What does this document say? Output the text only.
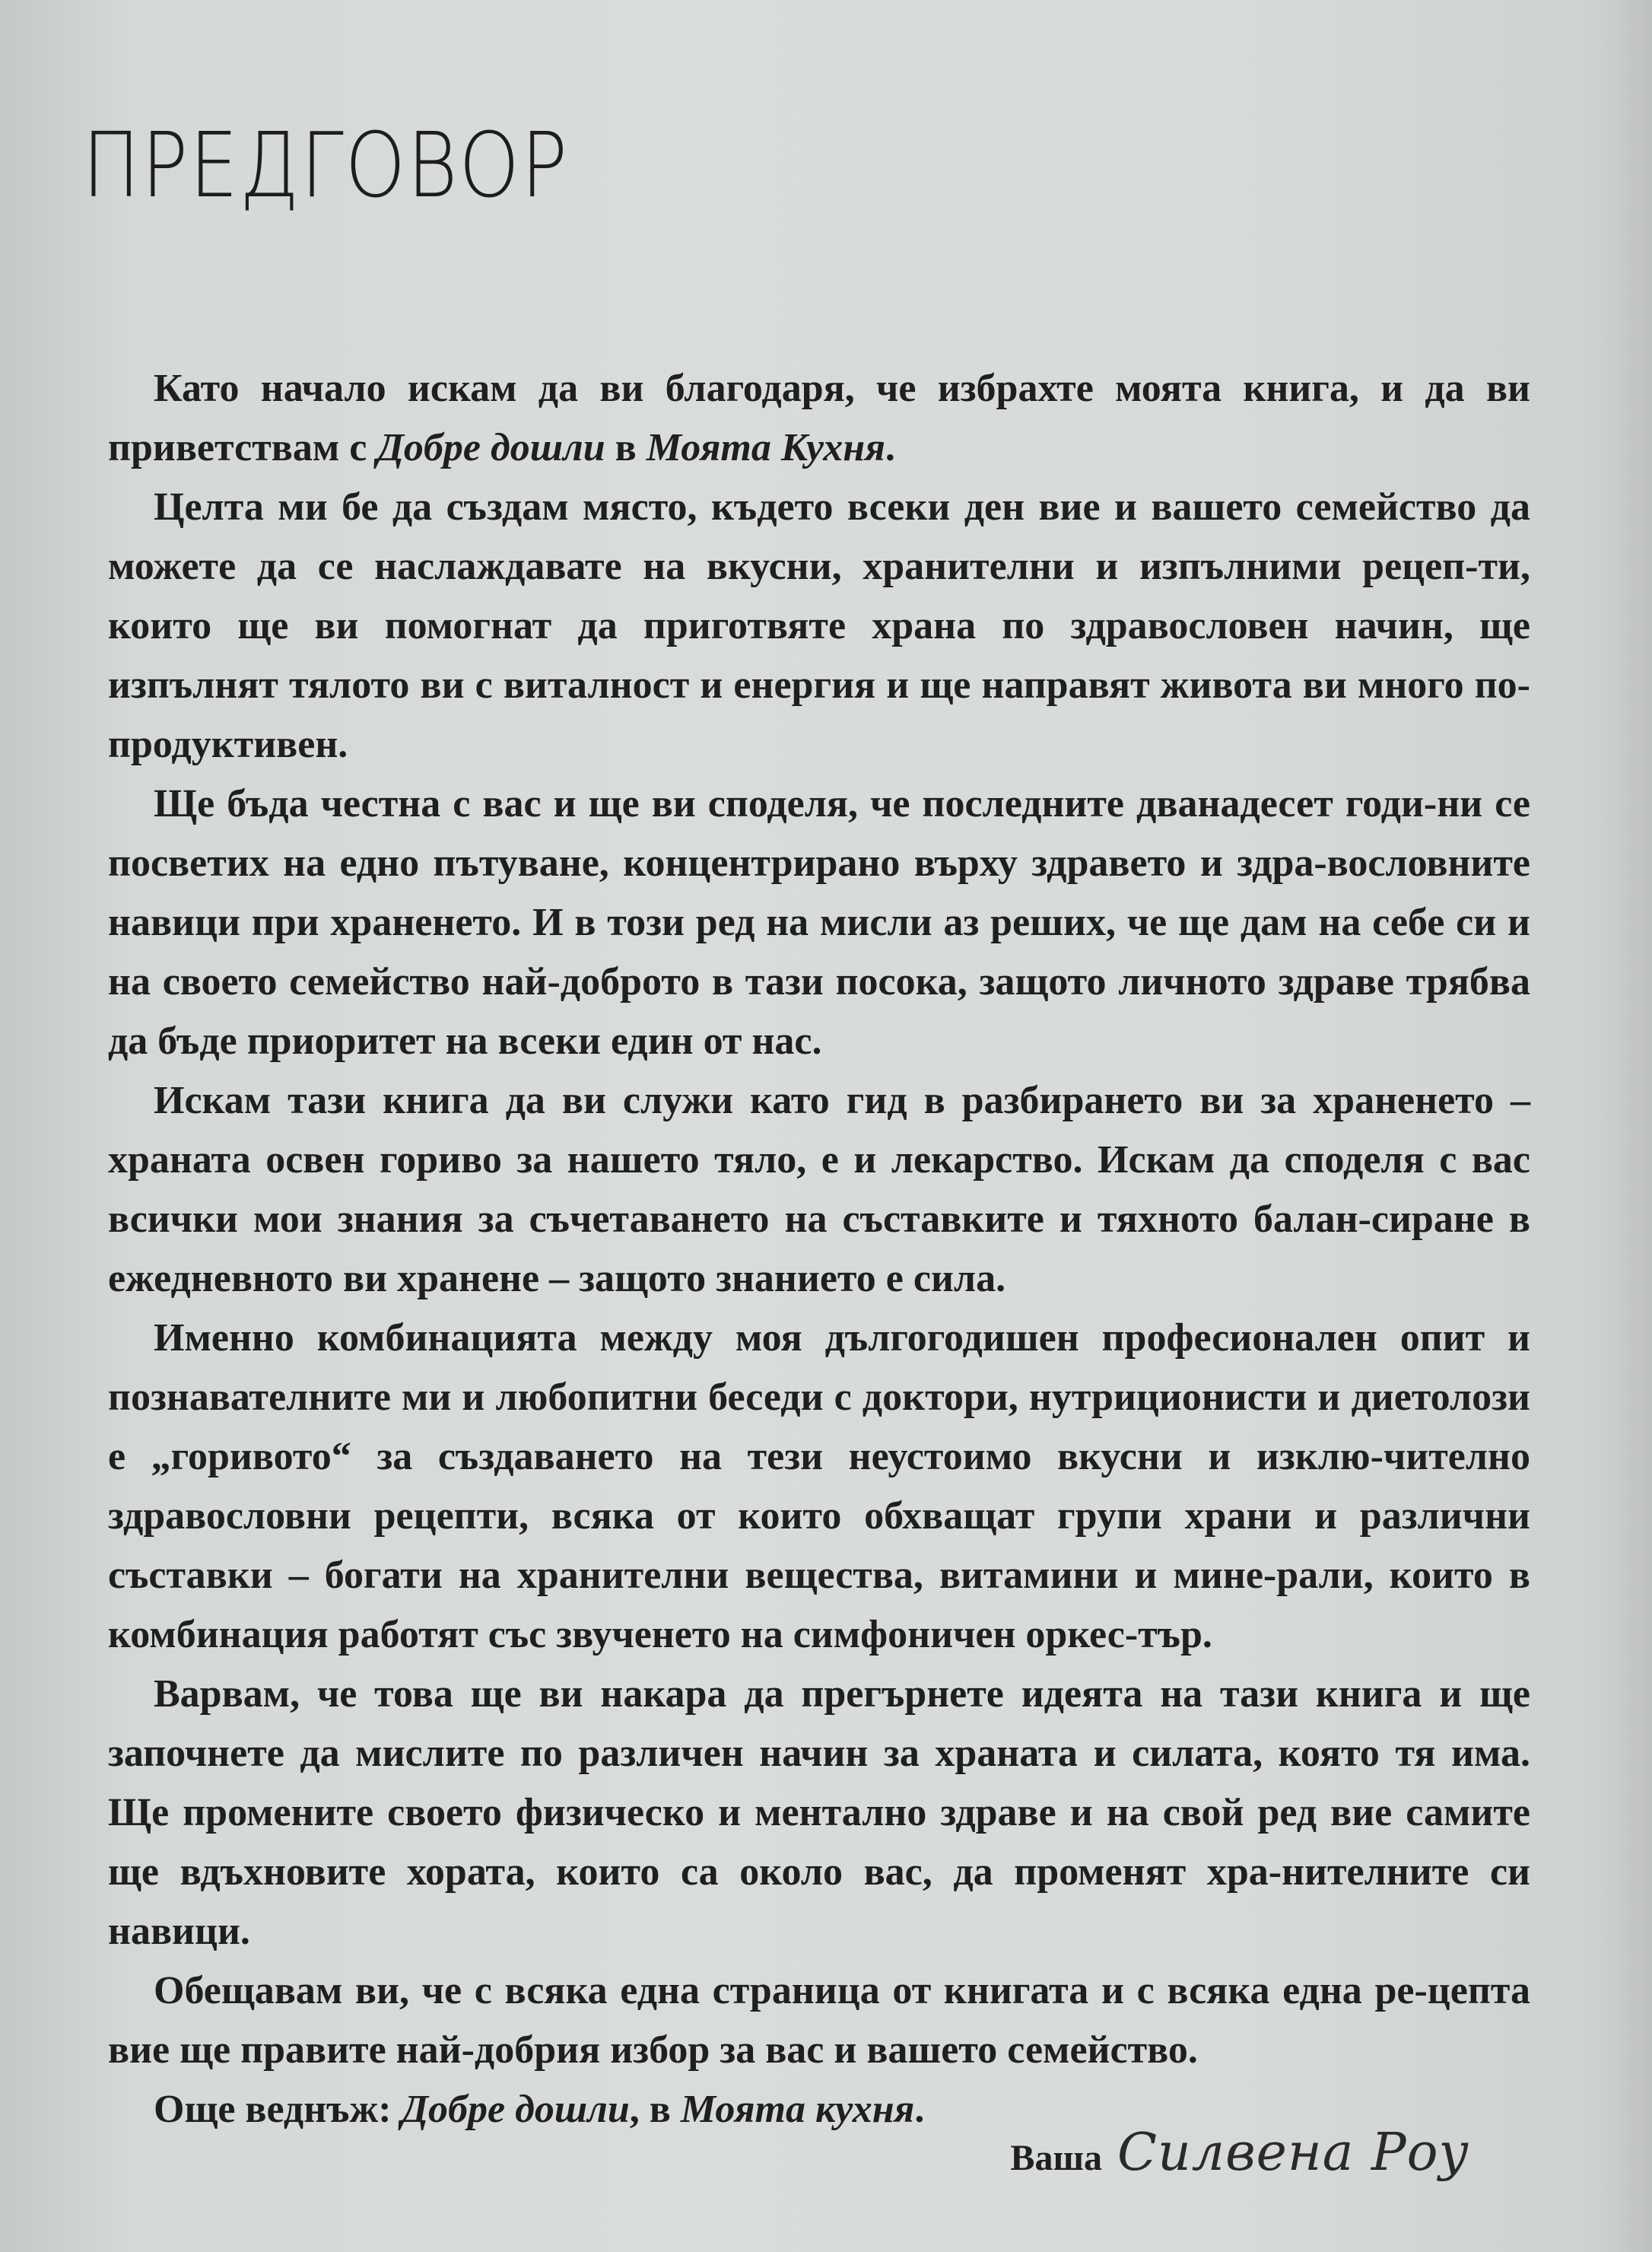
ПРЕДГОВОР

Като начало искам да ви благодаря, че избрахте моята книга, и да ви приветствам с Добре дошли в Моята Кухня.

Целта ми бе да създам място, където всеки ден вие и вашето семейство да можете да се наслаждавате на вкусни, хранителни и изпълними рецеп-ти, които ще ви помогнат да приготвяте храна по здравословен начин, ще изпълнят тялото ви с виталност и енергия и ще направят живота ви много по-продуктивен.

Ще бъда честна с вас и ще ви споделя, че последните дванадесет годи-ни се посветих на едно пътуване, концентрирано върху здравето и здра-вословните навици при храненето. И в този ред на мисли аз реших, че ще дам на себе си и на своето семейство най-доброто в тази посока, защото личното здраве трябва да бъде приоритет на всеки един от нас.

Искам тази книга да ви служи като гид в разбирането ви за храненето – храната освен гориво за нашето тяло, е и лекарство. Искам да споделя с вас всички мои знания за съчетаването на съставките и тяхното балан-сиране в ежедневното ви хранене – защото знанието е сила.

Именно комбинацията между моя дългогодишен професионален опит и познавателните ми и любопитни беседи с доктори, нутриционисти и диетолози е „горивото“ за създаването на тези неустоимо вкусни и изклю-чително здравословни рецепти, всяка от които обхващат групи храни и различни съставки – богати на хранителни вещества, витамини и мине-рали, които в комбинация работят със звученето на симфоничен оркес-тър.

Варвам, че това ще ви накара да прегърнете идеята на тази книга и ще започнете да мислите по различен начин за храната и силата, която тя има. Ще промените своето физическо и ментално здраве и на свой ред вие самите ще вдъхновите хората, които са около вас, да променят хра-нителните си навици.

Обещавам ви, че с всяка една страница от книгата и с всяка една ре-цепта вие ще правите най-добрия избор за вас и вашето семейство.

Още веднъж: Добре дошли, в Моята кухня.

Ваша Силвена Роу
